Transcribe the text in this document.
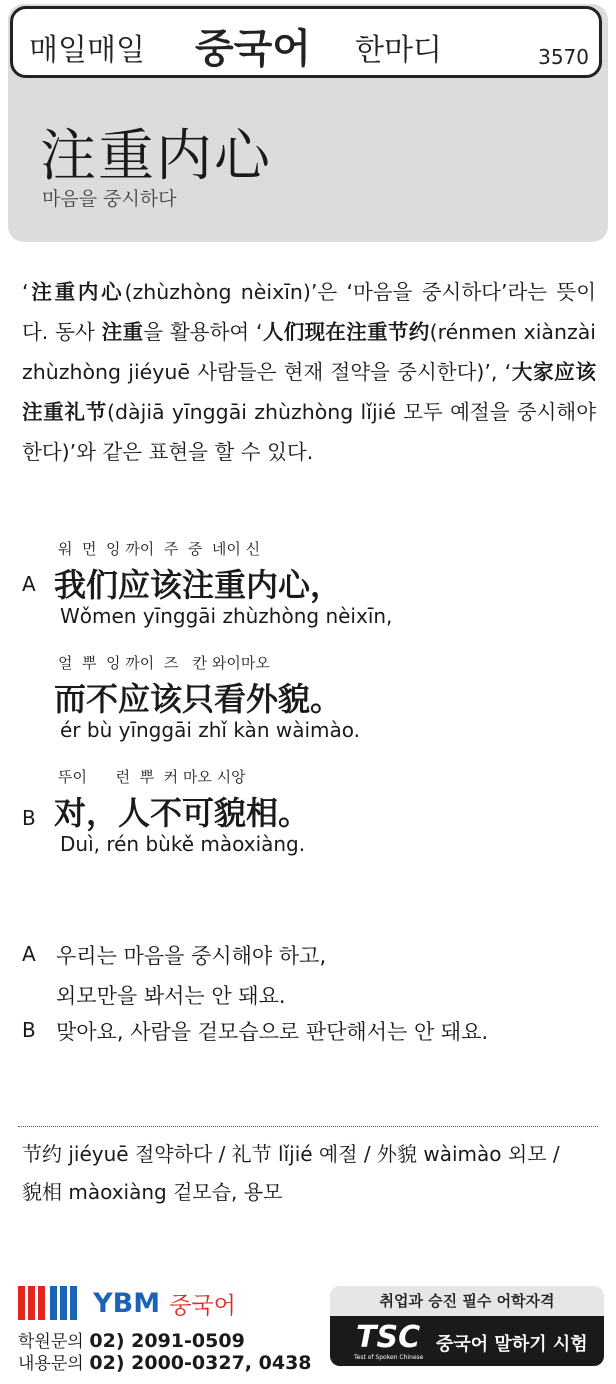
매일매일 중국어 한마디	3570
注重内心
마음을 중시하다
‘注重内心(zhùzhòng nèixīn)’은 ‘마음을 중시하다’라는 뜻이다. 동사 注重을 활용하여 ‘人们现在注重节约(rénmen xiànzài zhùzhòng jiéyuē 사람들은 현재 절약을 중시한다)’, ‘大家应该注重礼节(dàjiā yīnggāi zhùzhòng lǐjié 모두 예절을 중시해야 한다)’와 같은 표현을 할 수 있다.
A
워  먼  잉 까이  주  중  네이 신
我们应该注重内心，
Wǒmen yīnggāi zhùzhòng nèixīn,
얼  뿌  잉 까이  즈   칸 와이마오
而不应该只看外貌。
ér bù yīnggāi zhǐ kàn wàimào.
B
뚜이      런  뿌  커 마오 시앙
对，人不可貌相。
Duì, rén bùkě màoxiàng.
A 우리는 마음을 중시해야 하고,
외모만을 봐서는 안 돼요.
B 맞아요, 사람을 겉모습으로 판단해서는 안 돼요.
节约 jiéyuē 절약하다 / 礼节 lǐjié 예절 / 外貌 wàimào 외모 /
貌相 màoxiàng 겉모습, 용모
YBM 중국어
학원문의 02) 2091-0509
내용문의 02) 2000-0327, 0438
취업과 승진 필수 어학자격
TSC
Test of Spoken Chinese
중국어 말하기 시험
